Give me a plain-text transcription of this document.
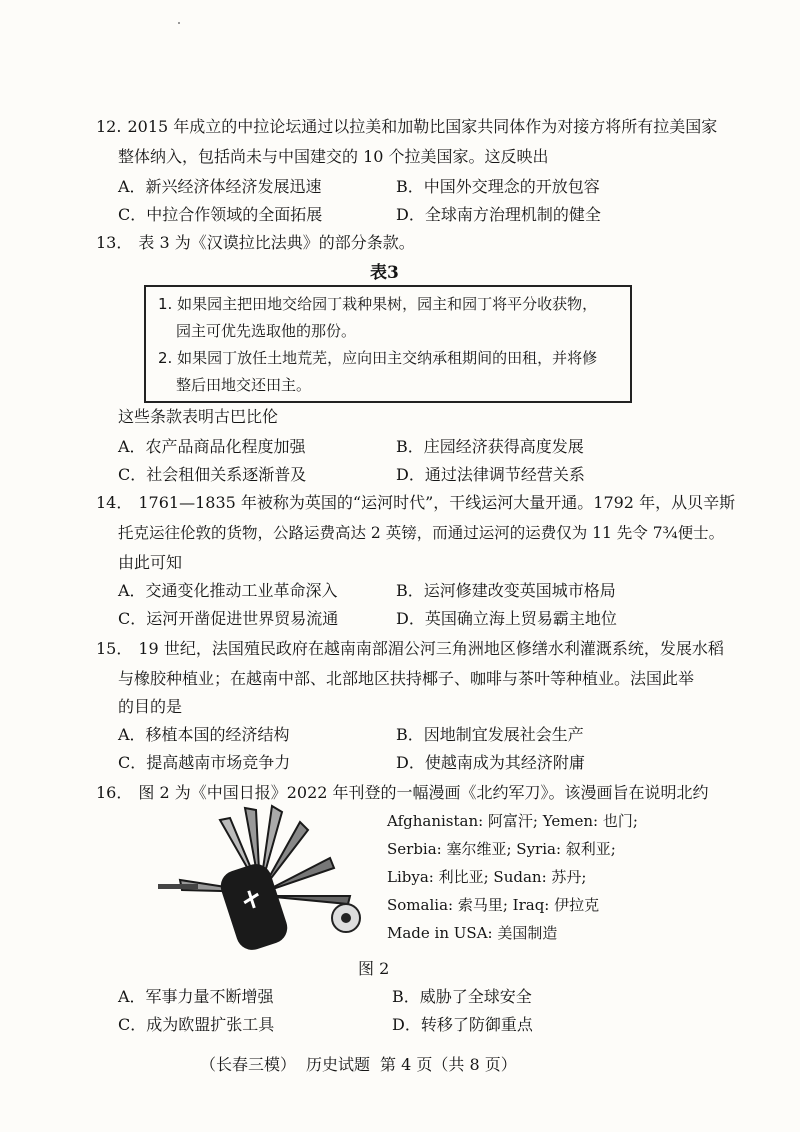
12. 2015 年成立的中拉论坛通过以拉美和加勒比国家共同体作为对接方将所有拉美国家
整体纳入，包括尚未与中国建交的 10 个拉美国家。这反映出
A．新兴经济体经济发展迅速	B．中国外交理念的开放包容
C．中拉合作领域的全面拓展	D．全球南方治理机制的健全
13． 表 3 为《汉谟拉比法典》的部分条款。
表3
1. 如果园主把田地交给园丁栽种果树，园主和园丁将平分收获物，
园主可优先选取他的那份。
2. 如果园丁放任土地荒芜，应向田主交纳承租期间的田租，并将修
整后田地交还田主。
这些条款表明古巴比伦
A．农产品商品化程度加强	B．庄园经济获得高度发展
C．社会租佃关系逐渐普及	D．通过法律调节经营关系
14． 1761—1835 年被称为英国的“运河时代”，干线运河大量开通。1792 年，从贝辛斯
托克运往伦敦的货物，公路运费高达 2 英镑，而通过运河的运费仅为 11 先令 7¾便士。
由此可知
A．交通变化推动工业革命深入	B．运河修建改变英国城市格局
C．运河开凿促进世界贸易流通	D．英国确立海上贸易霸主地位
15． 19 世纪，法国殖民政府在越南南部湄公河三角洲地区修缮水利灌溉系统，发展水稻
与橡胶种植业；在越南中部、北部地区扶持椰子、咖啡与茶叶等种植业。法国此举
的目的是
A．移植本国的经济结构	B．因地制宜发展社会生产
C．提高越南市场竞争力	D．使越南成为其经济附庸
16． 图 2 为《中国日报》2022 年刊登的一幅漫画《北约军刀》。该漫画旨在说明北约
Afghanistan: 阿富汗; Yemen: 也门;
Serbia: 塞尔维亚; Syria: 叙利亚;
Libya: 利比亚; Sudan: 苏丹;
Somalia: 索马里; Iraq: 伊拉克
Made in USA: 美国制造
图 2
A．军事力量不断增强	B．威胁了全球安全
C．成为欧盟扩张工具	D．转移了防御重点
（长春三模） 历史试题 第 4 页（共 8 页）
